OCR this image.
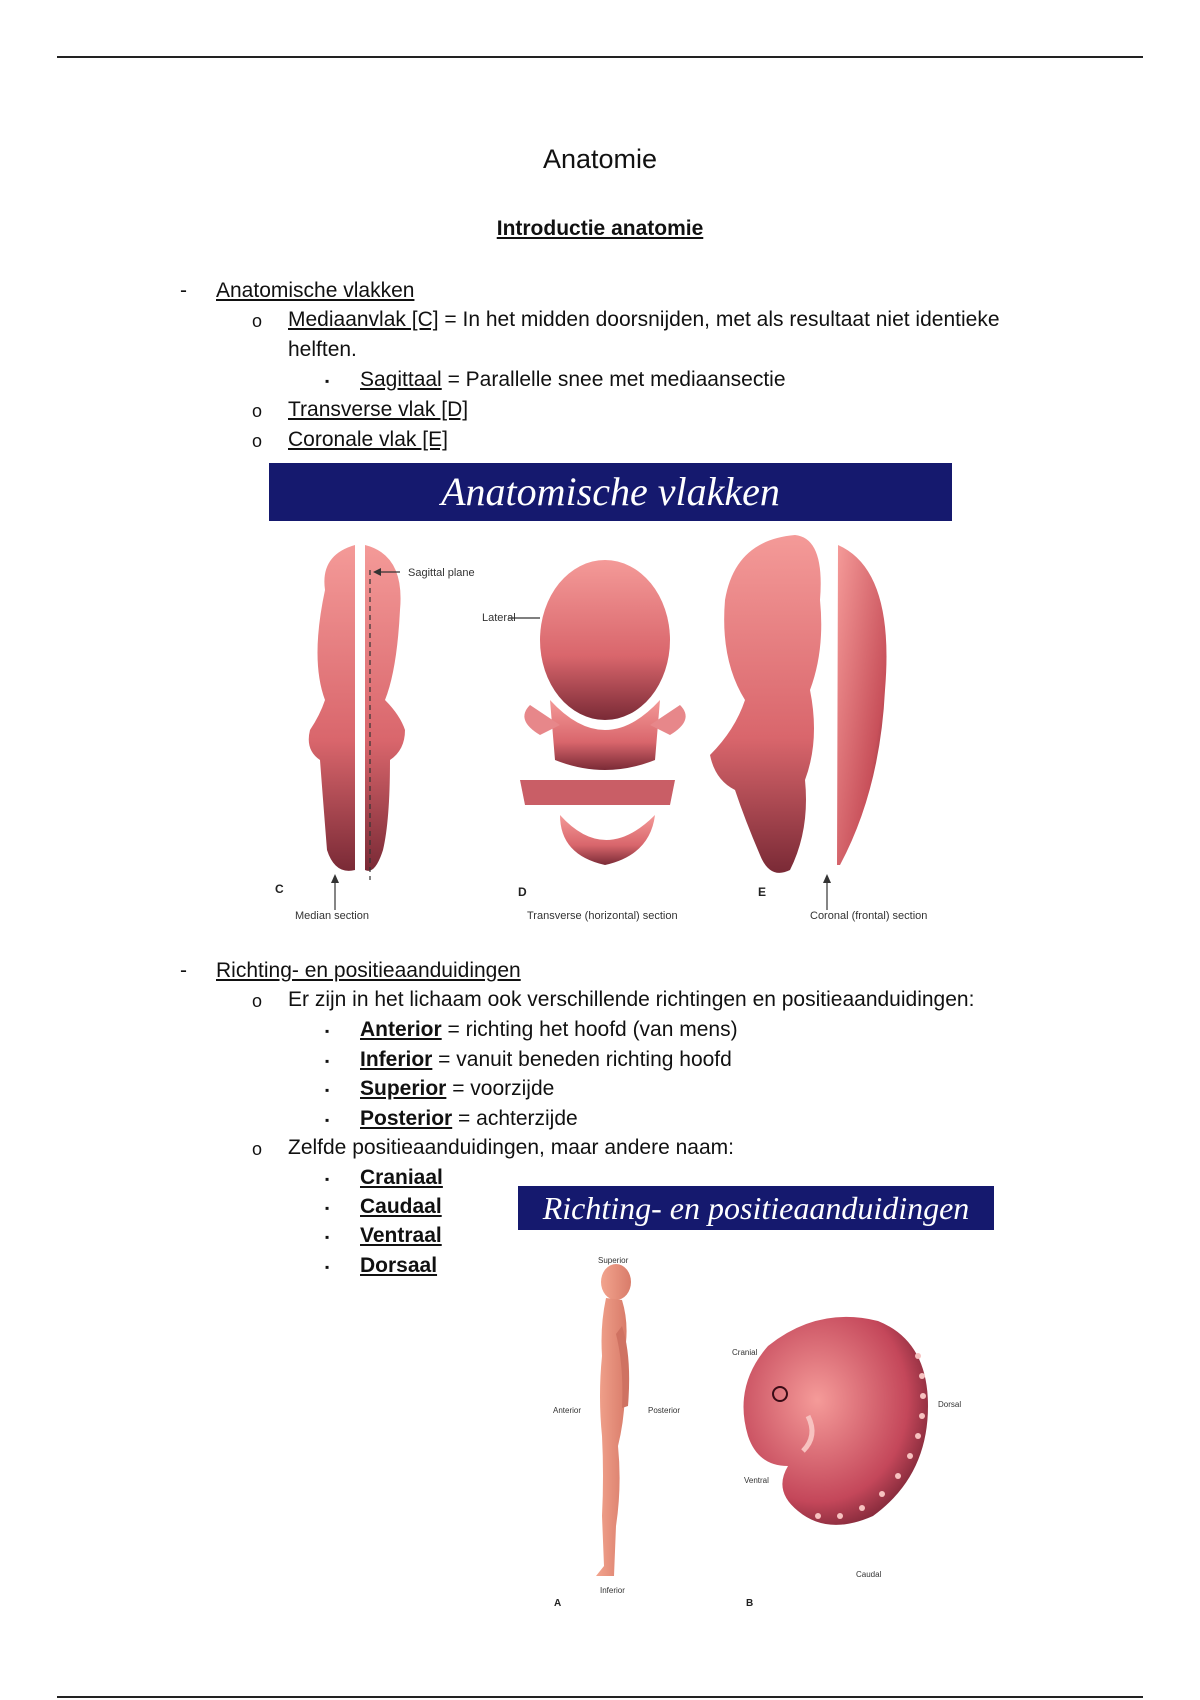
Anatomie
Introductie anatomie
- Anatomische vlakken
o Mediaanvlak [C] = In het midden doorsnijden, met als resultaat niet identieke
helften.
▪ Sagittaal = Parallelle snee met mediaansectie
o Transverse vlak [D]
o Coronale vlak [E]
Anatomische vlakken
Sagittal plane
Lateral
C	D	E
Median section	Transverse (horizontal) section	Coronal (frontal) section
- Richting- en positieaanduidingen
o Er zijn in het lichaam ook verschillende richtingen en positieaanduidingen:
▪ Anterior = richting het hoofd (van mens)
▪ Inferior = vanuit beneden richting hoofd
▪ Superior = voorzijde
▪ Posterior = achterzijde
o Zelfde positieaanduidingen, maar andere naam:
▪ Craniaal
▪ Caudaal
▪ Ventraal
▪ Dorsaal
Richting- en positieaanduidingen
Superior
Anterior	Posterior
Inferior
Cranial
Dorsal
Ventral
Caudal
A	B
